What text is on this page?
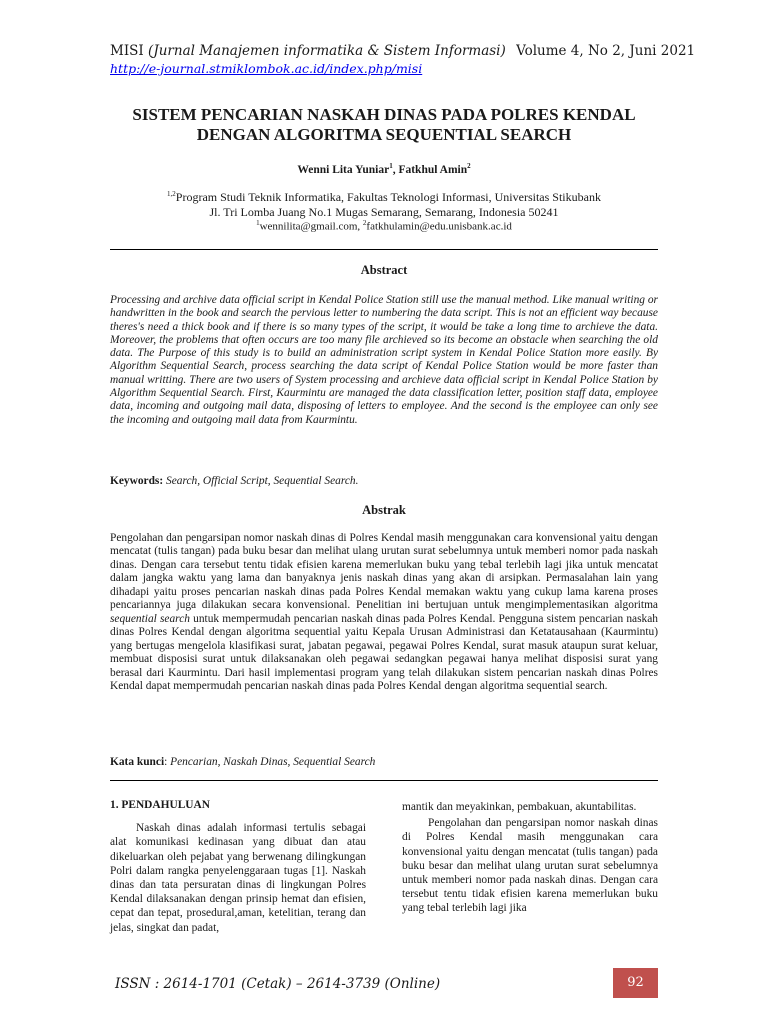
MISI (Jurnal Manajemen informatika & Sistem Informasi) Volume 4, No 2, Juni 2021
http://e-journal.stmiklombok.ac.id/index.php/misi
SISTEM PENCARIAN NASKAH DINAS PADA POLRES KENDAL
DENGAN ALGORITMA SEQUENTIAL SEARCH
Wenni Lita Yuniar$^1$, Fatkhul Amin$^2$
$^{1,2}$Program Studi Teknik Informatika, Fakultas Teknologi Informasi, Universitas Stikubank
Jl. Tri Lomba Juang No.1 Mugas Semarang, Semarang, Indonesia 50241
$^1$wennilita@gmail.com, $^2$fatkhulamin@edu.unisbank.ac.id
Abstract
Processing and archive data official script in Kendal Police Station still use the manual method. Like manual writing or handwritten in the book and search the pervious letter to numbering the data script. This is not an efficient way because theres's need a thick book and if there is so many types of the script, it would be take a long time to archieve the data. Moreover, the problems that often occurs are too many file archieved so its become an obstacle when searching the old data. The Purpose of this study is to build an administration script system in Kendal Police Station more easily. By Algorithm Sequential Search, process searching the data script of Kendal Police Station would be more faster than manual writting. There are two users of System processing and archieve data official script in Kendal Police Station by Algorithm Sequential Search. First, Kaurmintu are managed the data classification letter, position staff data, employee data, incoming and outgoing mail data, disposing of letters to employee. And the second is the employee can only see the incoming and outgoing mail data from Kaurmintu.
Keywords: Search, Official Script, Sequential Search.
Abstrak
Pengolahan dan pengarsipan nomor naskah dinas di Polres Kendal masih menggunakan cara konvensional yaitu dengan mencatat (tulis tangan) pada buku besar dan melihat ulang urutan surat sebelumnya untuk memberi nomor pada naskah dinas. Dengan cara tersebut tentu tidak efisien karena memerlukan buku yang tebal terlebih lagi jika untuk mencatat dalam jangka waktu yang lama dan banyaknya jenis naskah dinas yang akan di arsipkan. Permasalahan lain yang dihadapi yaitu proses pencarian naskah dinas pada Polres Kendal memakan waktu yang cukup lama karena proses pencariannya juga dilakukan secara konvensional. Penelitian ini bertujuan untuk mengimplementasikan algoritma sequential search untuk mempermudah pencarian naskah dinas pada Polres Kendal. Pengguna sistem pencarian naskah dinas Polres Kendal dengan algoritma sequential yaitu Kepala Urusan Administrasi dan Ketatausahaan (Kaurmintu) yang bertugas mengelola klasifikasi surat, jabatan pegawai, pegawai Polres Kendal, surat masuk ataupun surat keluar, membuat disposisi surat untuk dilaksanakan oleh pegawai sedangkan pegawai hanya melihat disposisi surat yang berasal dari Kaurmintu. Dari hasil implementasi program yang telah dilakukan sistem pencarian naskah dinas Polres Kendal dapat mempermudah pencarian naskah dinas pada Polres Kendal dengan algoritma sequential search.
Kata kunci: Pencarian, Naskah Dinas, Sequential Search
1. PENDAHULUAN

Naskah dinas adalah informasi tertulis sebagai alat komunikasi kedinasan yang dibuat dan atau dikeluarkan oleh pejabat yang berwenang dilingkungan Polri dalam rangka penyelenggaraan tugas [1]. Naskah dinas dan tata persuratan dinas di lingkungan Polres Kendal dilaksanakan dengan prinsip hemat dan efisien, cepat dan tepat, prosedural,aman, ketelitian, terang dan jelas, singkat dan padat,

mantik dan meyakinkan, pembakuan, akuntabilitas.

Pengolahan dan pengarsipan nomor naskah dinas di Polres Kendal masih menggunakan cara konvensional yaitu dengan mencatat (tulis tangan) pada buku besar dan melihat ulang urutan surat sebelumnya untuk memberi nomor pada naskah dinas. Dengan cara tersebut tentu tidak efisien karena memerlukan buku yang tebal terlebih lagi jika

ISSN : 2614-1701 (Cetak) – 2614-3739 (Online)	92
